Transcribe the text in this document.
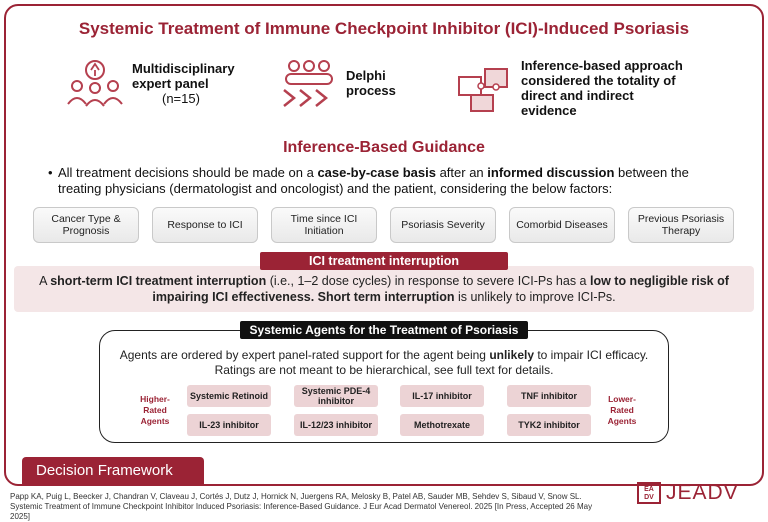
Systemic Treatment of Immune Checkpoint Inhibitor (ICI)-Induced Psoriasis
Multidisciplinary expert panel
(n=15)
Delphi process
Inference-based approach considered the totality of direct and indirect evidence
Inference-Based Guidance
• All treatment decisions should be made on a case-by-case basis after an informed discussion between the treating physicians (dermatologist and oncologist) and the patient, considering the below factors:
Cancer Type & Prognosis	Response to ICI	Time since ICI Initiation	Psoriasis Severity	Comorbid Diseases	Previous Psoriasis Therapy
A short-term ICI treatment interruption (i.e., 1–2 dose cycles) in response to severe ICI-Ps has a low to negligible risk of impairing ICI effectiveness. Short term interruption is unlikely to improve ICI-Ps.
ICI treatment interruption
Systemic Agents for the Treatment of Psoriasis
Agents are ordered by expert panel-rated support for the agent being unlikely to impair ICI efficacy. Ratings are not meant to be hierarchical, see full text for details.
Higher-Rated Agents
Lower-Rated Agents
Systemic Retinoid	Systemic PDE-4 inhibitor	IL-17 inhibitor	TNF inhibitor
IL-23 inhibitor	IL-12/23 inhibitor	Methotrexate	TYK2 inhibitor
Decision Framework
Papp KA, Puig L, Beecker J, Chandran V, Claveau J, Cortés J, Dutz J, Hornick N, Juergens RA, Melosky B, Patel AB, Sauder MB, Sehdev S, Sibaud V, Snow SL. Systemic Treatment of Immune Checkpoint Inhibitor Induced Psoriasis: Inference-Based Guidance. J Eur Acad Dermatol Venereol. 2025 [In Press, Accepted 26 May 2025]
EA DV JEADV
